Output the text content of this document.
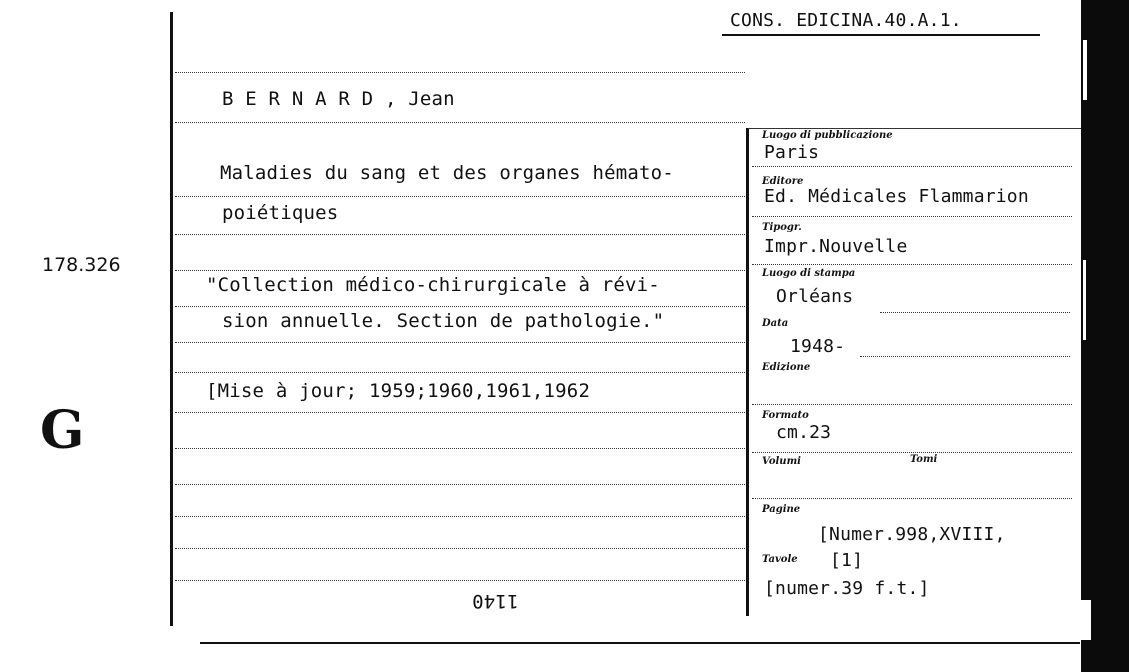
CONS. EDICINA.40.A.1.
178.326
G
B E R N A R D , Jean
Maladies du sang et des organes hémato-
poiétiques
"Collection médico-chirurgicale à révi-
sion annuelle. Section de pathologie."
[Mise à jour; 1959;1960,1961,1962
1140
Luogo di pubblicazione
Paris
Editore
Ed. Médicales Flammarion
Tipogr.
Impr.Nouvelle
Luogo di stampa
Orléans
Data
1948-
Edizione
Formato
cm.23
Volumi	Tomi
Pagine
[Numer.998,XVIII,
Tavole [1]
[numer.39 f.t.]
